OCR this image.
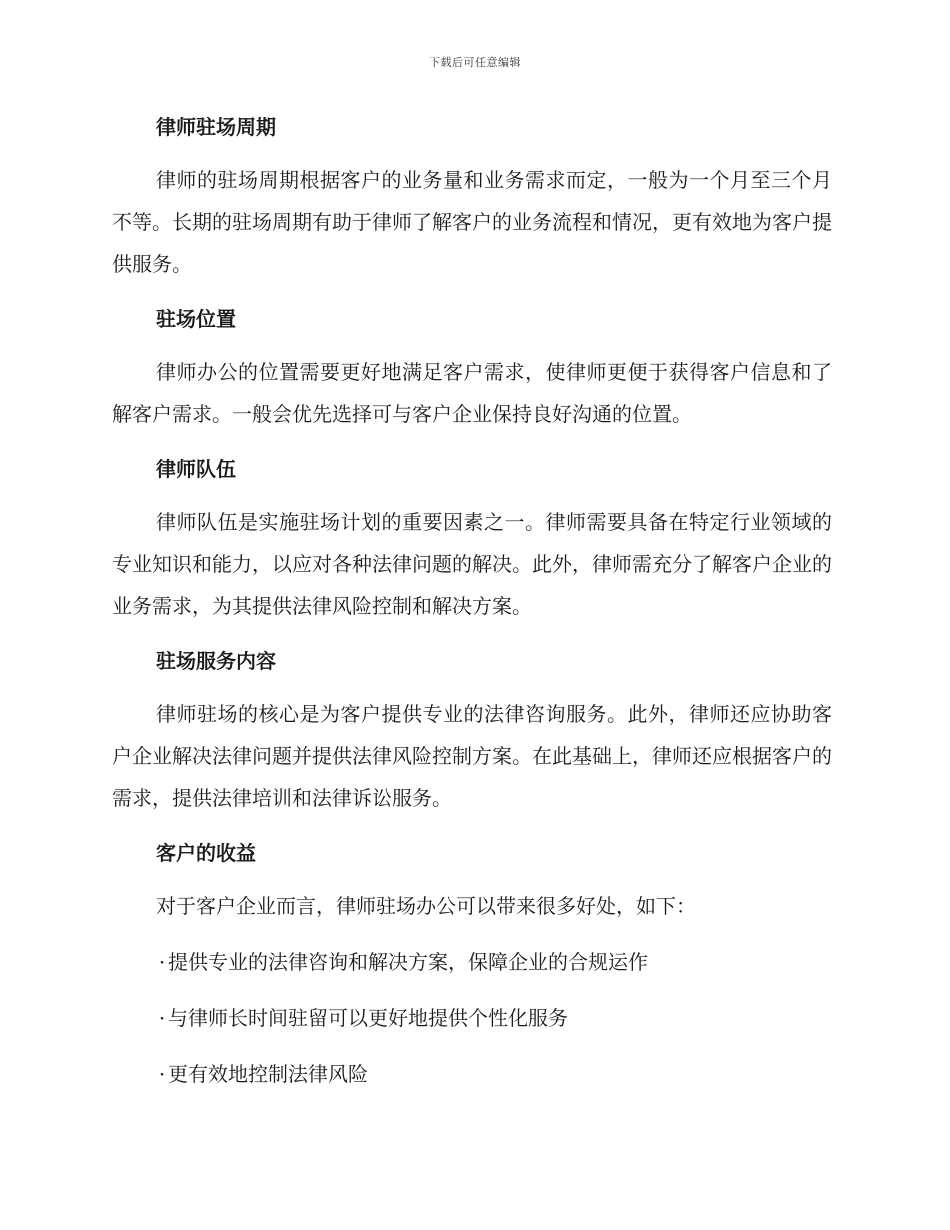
下载后可任意编辑
律师驻场周期

律师的驻场周期根据客户的业务量和业务需求而定，一般为一个月至三个月不等。长期的驻场周期有助于律师了解客户的业务流程和情况，更有效地为客户提供服务。

驻场位置

律师办公的位置需要更好地满足客户需求，使律师更便于获得客户信息和了解客户需求。一般会优先选择可与客户企业保持良好沟通的位置。

律师队伍

律师队伍是实施驻场计划的重要因素之一。律师需要具备在特定行业领域的专业知识和能力，以应对各种法律问题的解决。此外，律师需充分了解客户企业的业务需求，为其提供法律风险控制和解决方案。

驻场服务内容

律师驻场的核心是为客户提供专业的法律咨询服务。此外，律师还应协助客户企业解决法律问题并提供法律风险控制方案。在此基础上，律师还应根据客户的需求，提供法律培训和法律诉讼服务。

客户的收益

对于客户企业而言，律师驻场办公可以带来很多好处，如下：

· 提供专业的法律咨询和解决方案，保障企业的合规运作
· 与律师长时间驻留可以更好地提供个性化服务
· 更有效地控制法律风险
